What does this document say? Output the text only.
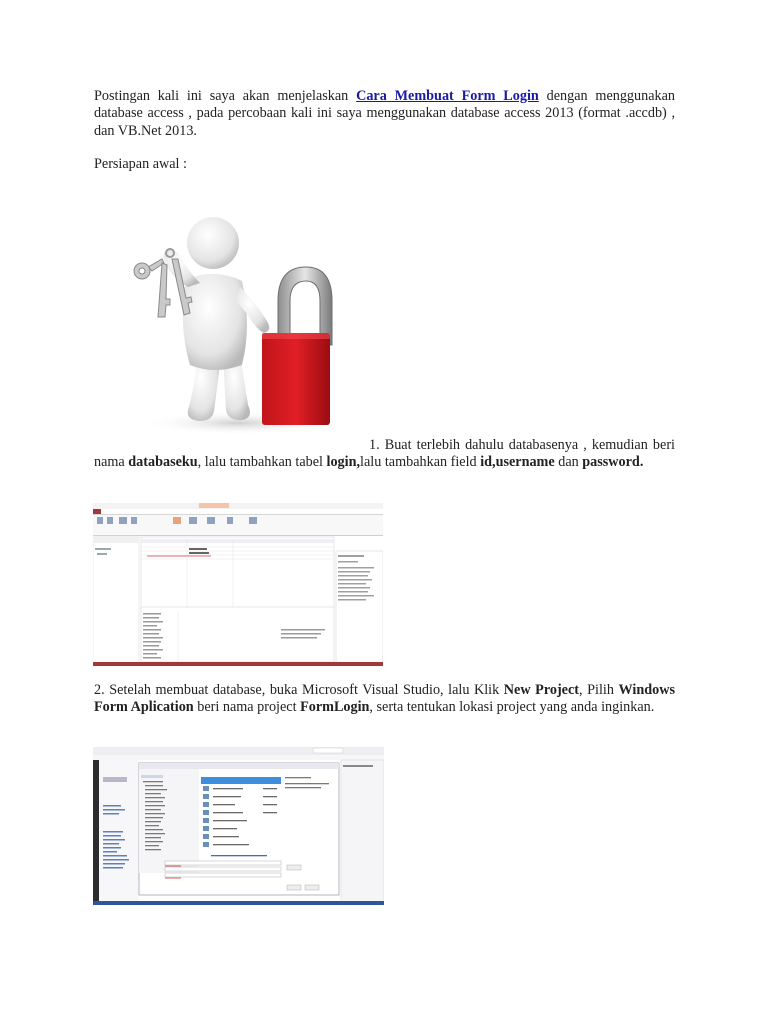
Postingan kali ini saya akan menjelaskan Cara Membuat Form Login dengan menggunakan database access , pada percobaan kali ini saya menggunakan database access 2013 (format .accdb) , dan VB.Net 2013.

Persiapan awal :

1. Buat terlebih dahulu databasenya , kemudian beri nama databaseku, lalu tambahkan tabel login,lalu tambahkan field id,username dan password.

2. Setelah membuat database, buka Microsoft Visual Studio, lalu Klik New Project, Pilih Windows Form Aplication beri nama project FormLogin, serta tentukan lokasi project yang anda inginkan.
